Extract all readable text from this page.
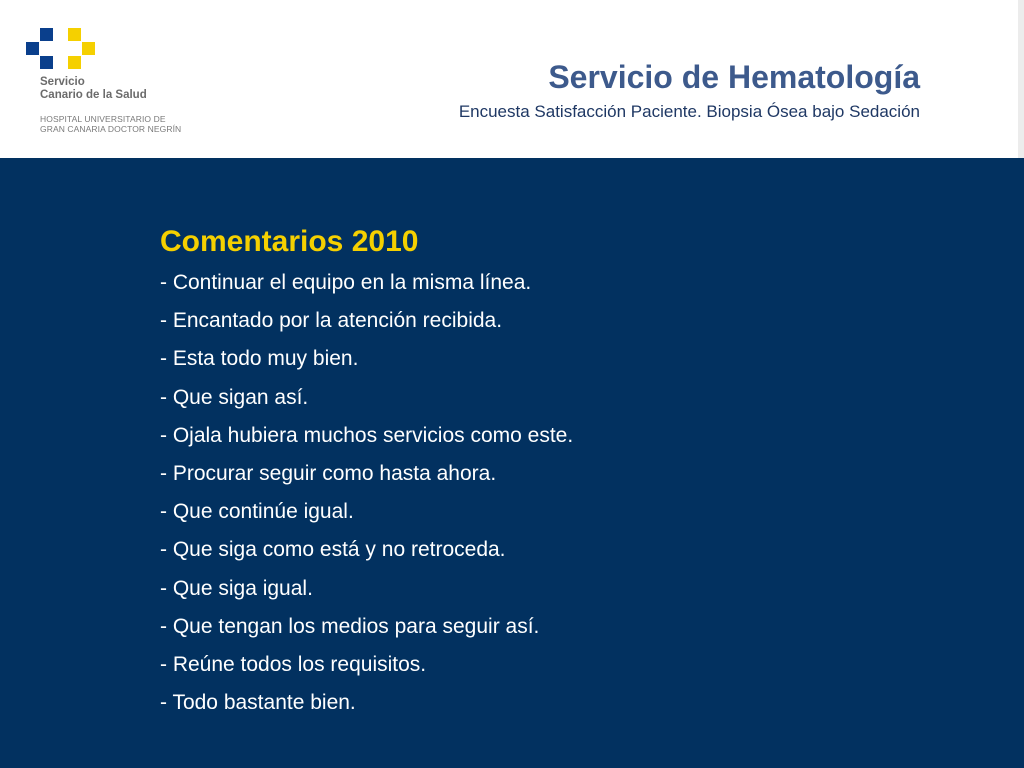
Servicio
Canario de la Salud
HOSPITAL UNIVERSITARIO DE
GRAN CANARIA DOCTOR NEGRÍN
Servicio de Hematología
Encuesta Satisfacción Paciente. Biopsia Ósea bajo Sedación
Comentarios 2010
- Continuar el equipo en la misma línea.
- Encantado por la atención recibida.
- Esta todo muy bien.
- Que sigan así.
- Ojala hubiera muchos servicios como este.
- Procurar seguir como hasta ahora.
- Que continúe igual.
- Que siga como está y no retroceda.
- Que siga igual.
- Que tengan los medios para seguir así.
- Reúne todos los requisitos.
- Todo bastante bien.
